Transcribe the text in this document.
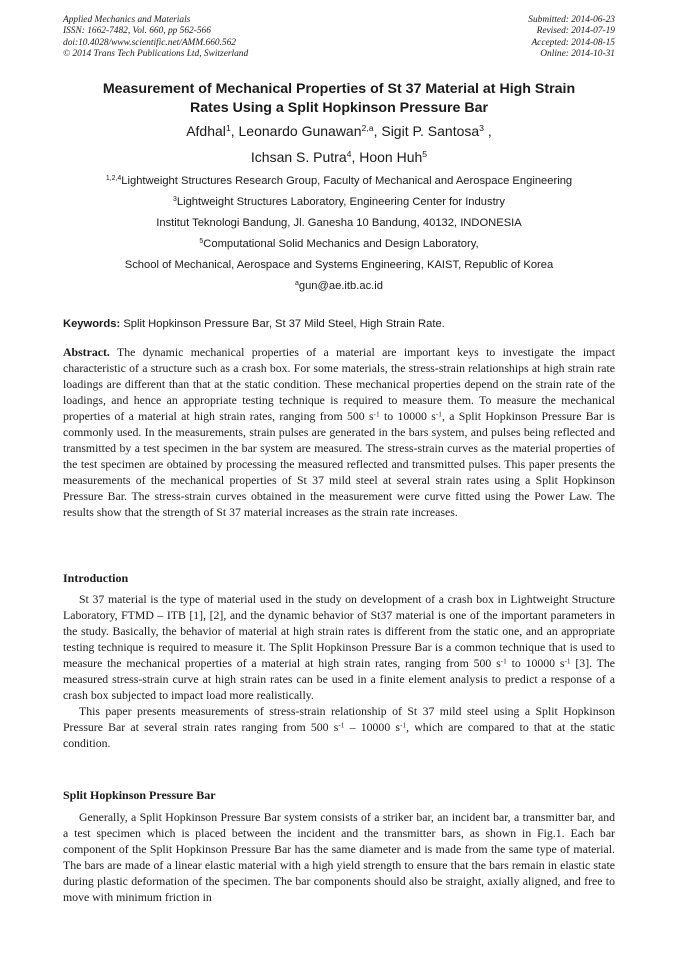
Applied Mechanics and Materials
ISSN: 1662-7482, Vol. 660, pp 562-566
doi:10.4028/www.scientific.net/AMM.660.562
© 2014 Trans Tech Publications Ltd, Switzerland
Submitted: 2014-06-23
Revised: 2014-07-19
Accepted: 2014-08-15
Online: 2014-10-31
Measurement of Mechanical Properties of St 37 Material at High Strain
Rates Using a Split Hopkinson Pressure Bar
Afdhal$^1$, Leonardo Gunawan$^{2,a}$, Sigit P. Santosa$^3$ ,
Ichsan S. Putra$^4$, Hoon Huh$^5$
$^{1,2,4}$Lightweight Structures Research Group, Faculty of Mechanical and Aerospace Engineering
$^3$Lightweight Structures Laboratory, Engineering Center for Industry
Institut Teknologi Bandung, Jl. Ganesha 10 Bandung, 40132, INDONESIA
$^5$Computational Solid Mechanics and Design Laboratory,
School of Mechanical, Aerospace and Systems Engineering, KAIST, Republic of Korea
$^a$gun@ae.itb.ac.id
Keywords: Split Hopkinson Pressure Bar, St 37 Mild Steel, High Strain Rate.

Abstract. The dynamic mechanical properties of a material are important keys to investigate the impact characteristic of a structure such as a crash box. For some materials, the stress-strain relationships at high strain rate loadings are different than that at the static condition. These mechanical properties depend on the strain rate of the loadings, and hence an appropriate testing technique is required to measure them. To measure the mechanical properties of a material at high strain rates, ranging from 500 $s^{-1}$ to 10000 $s^{-1}$, a Split Hopkinson Pressure Bar is commonly used. In the measurements, strain pulses are generated in the bars system, and pulses being reflected and transmitted by a test specimen in the bar system are measured. The stress-strain curves as the material properties of the test specimen are obtained by processing the measured reflected and transmitted pulses. This paper presents the measurements of the mechanical properties of St 37 mild steel at several strain rates using a Split Hopkinson Pressure Bar. The stress-strain curves obtained in the measurement were curve fitted using the Power Law. The results show that the strength of St 37 material increases as the strain rate increases.

Introduction

St 37 material is the type of material used in the study on development of a crash box in Lightweight Structure Laboratory, FTMD – ITB [1], [2], and the dynamic behavior of St37 material is one of the important parameters in the study. Basically, the behavior of material at high strain rates is different from the static one, and an appropriate testing technique is required to measure it. The Split Hopkinson Pressure Bar is a common technique that is used to measure the mechanical properties of a material at high strain rates, ranging from 500 $s^{-1}$ to 10000 $s^{-1}$ [3]. The measured stress-strain curve at high strain rates can be used in a finite element analysis to predict a response of a crash box subjected to impact load more realistically.

This paper presents measurements of stress-strain relationship of St 37 mild steel using a Split Hopkinson Pressure Bar at several strain rates ranging from 500 $s^{-1} - 10000$ $s^{-1}$, which are compared to that at the static condition.

Split Hopkinson Pressure Bar

Generally, a Split Hopkinson Pressure Bar system consists of a striker bar, an incident bar, a transmitter bar, and a test specimen which is placed between the incident and the transmitter bars, as shown in Fig.1. Each bar component of the Split Hopkinson Pressure Bar has the same diameter and is made from the same type of material. The bars are made of a linear elastic material with a high yield strength to ensure that the bars remain in elastic state during plastic deformation of the specimen. The bar components should also be straight, axially aligned, and free to move with minimum friction in
